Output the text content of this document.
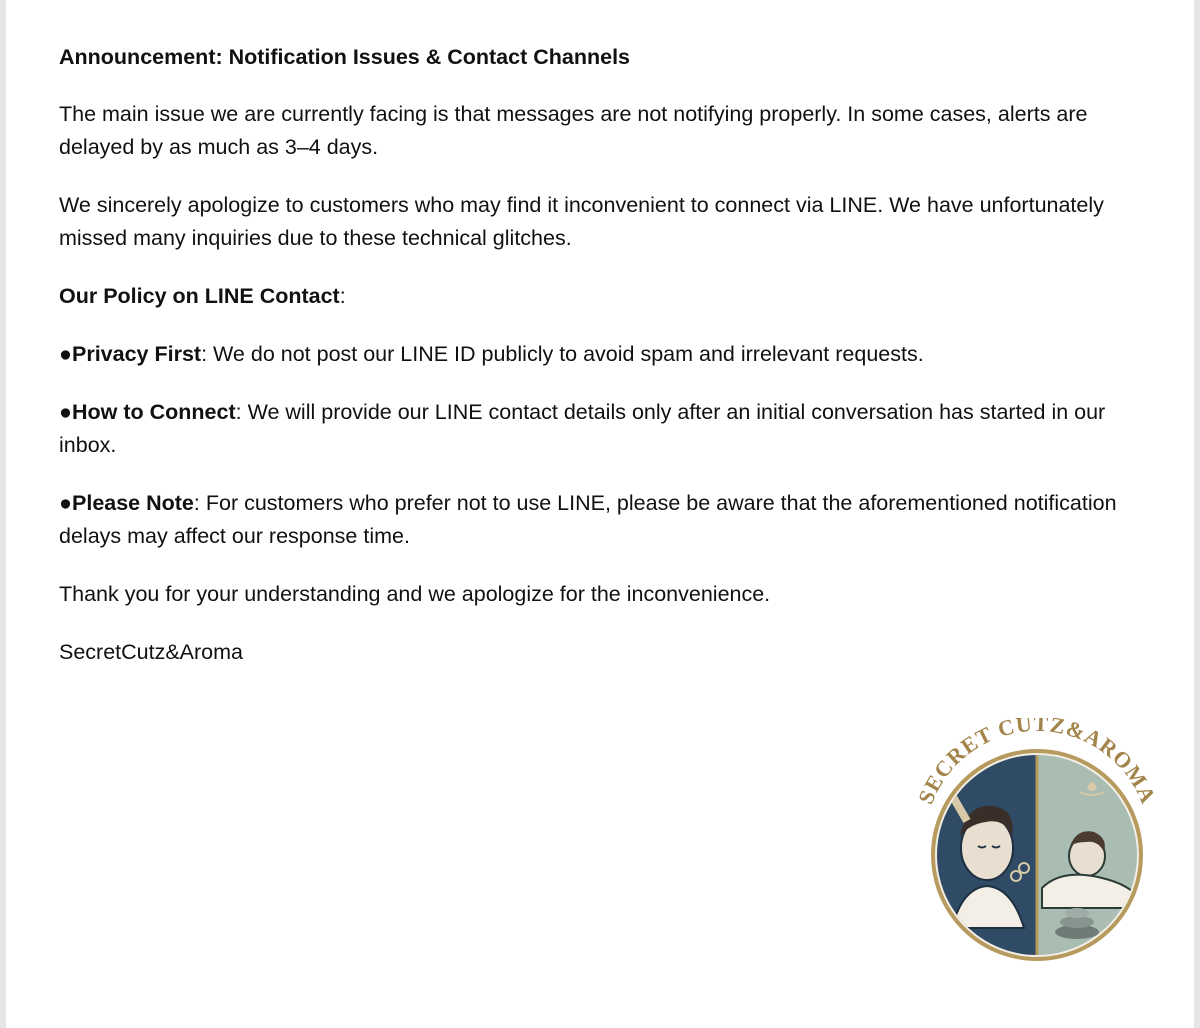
Announcement: Notification Issues & Contact Channels

The main issue we are currently facing is that messages are not notifying properly. In some cases, alerts are delayed by as much as 3–4 days.

We sincerely apologize to customers who may find it inconvenient to connect via LINE. We have unfortunately missed many inquiries due to these technical glitches.

Our Policy on LINE Contact:

●Privacy First: We do not post our LINE ID publicly to avoid spam and irrelevant requests.

●How to Connect: We will provide our LINE contact details only after an initial conversation has started in our inbox.

●Please Note: For customers who prefer not to use LINE, please be aware that the aforementioned notification delays may affect our response time.

Thank you for your understanding and we apologize for the inconvenience.

SecretCutz&Aroma

SECRET CUTZ&AROMA
